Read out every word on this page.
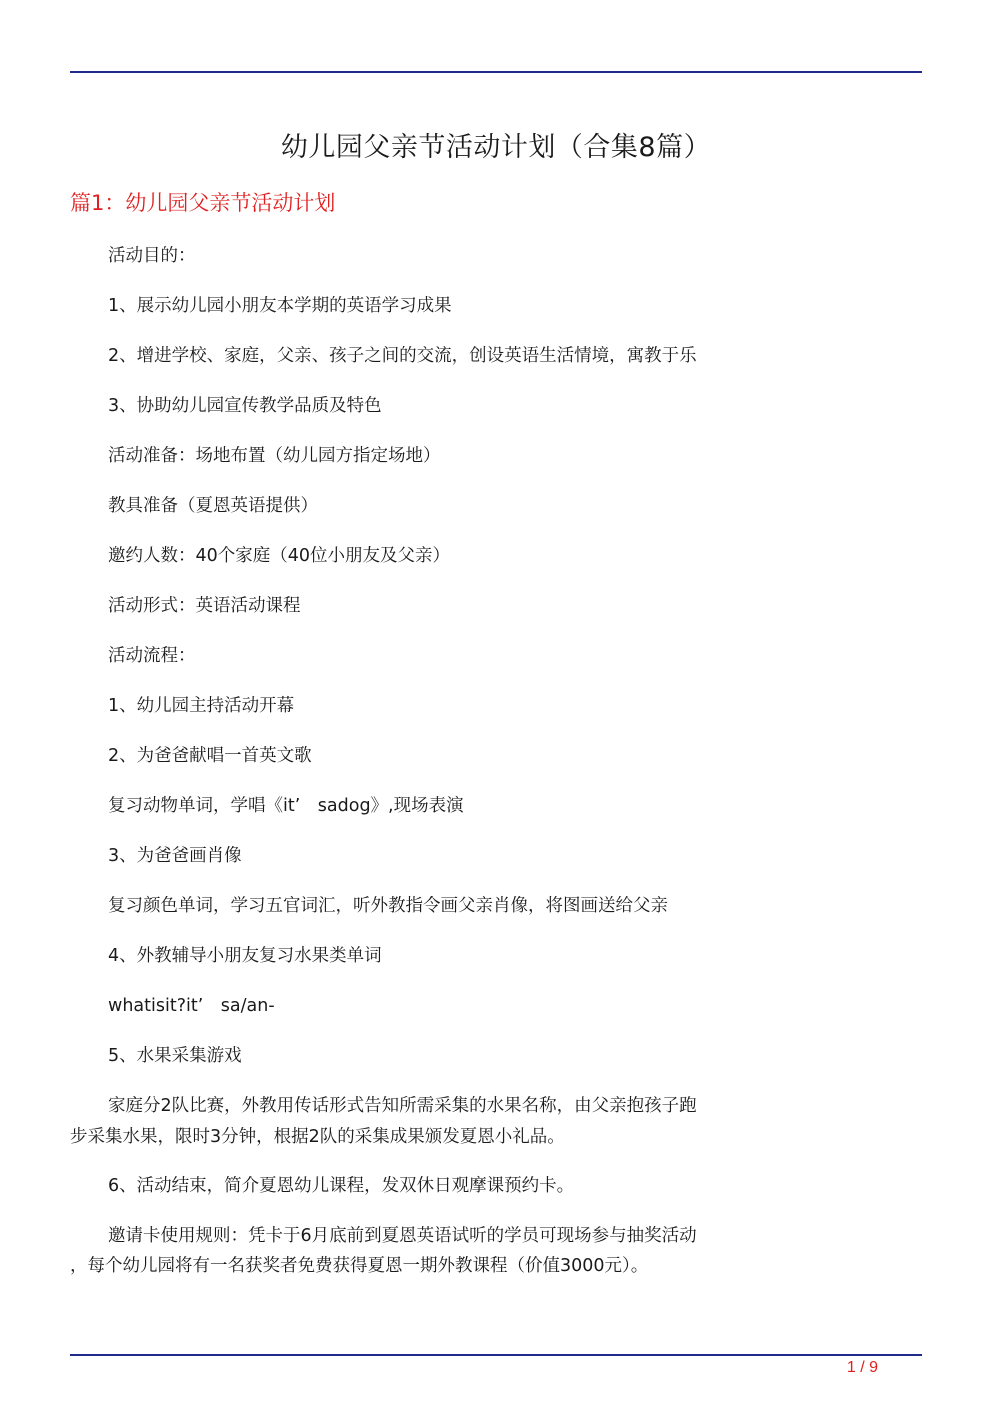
幼儿园父亲节活动计划（合集8篇）
篇1：幼儿园父亲节活动计划
活动目的：
1、展示幼儿园小朋友本学期的英语学习成果
2、增进学校、家庭，父亲、孩子之间的交流，创设英语生活情境，寓教于乐
3、协助幼儿园宣传教学品质及特色
活动准备：场地布置（幼儿园方指定场地）
教具准备（夏恩英语提供）
邀约人数：40个家庭（40位小朋友及父亲）
活动形式：英语活动课程
活动流程：
1、幼儿园主持活动开幕
2、为爸爸献唱一首英文歌
复习动物单词，学唱《it’　sadog》,现场表演
3、为爸爸画肖像
复习颜色单词，学习五官词汇，听外教指令画父亲肖像，将图画送给父亲
4、外教辅导小朋友复习水果类单词
whatisit?it’　sa/an-
5、水果采集游戏
家庭分2队比赛，外教用传话形式告知所需采集的水果名称，由父亲抱孩子跑
步采集水果，限时3分钟，根据2队的采集成果颁发夏恩小礼品。
6、活动结束，简介夏恩幼儿课程，发双休日观摩课预约卡。
邀请卡使用规则：凭卡于6月底前到夏恩英语试听的学员可现场参与抽奖活动
，每个幼儿园将有一名获奖者免费获得夏恩一期外教课程（价值3000元）。
1 / 9
